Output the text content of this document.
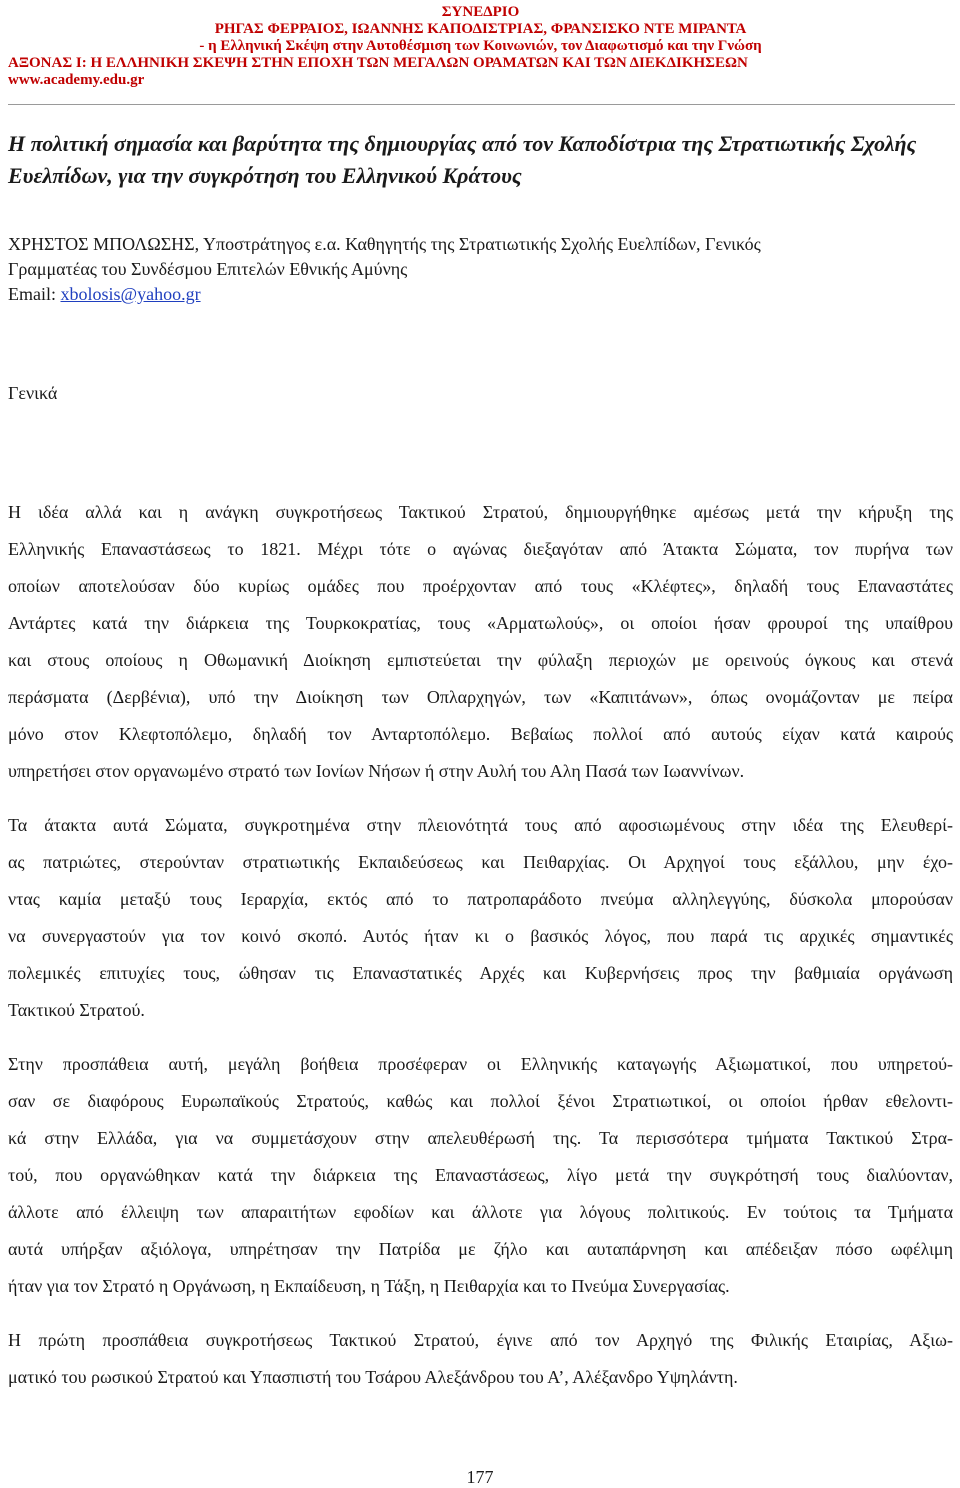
ΣΥΝΕΔΡΙΟ
ΡΗΓΑΣ ΦΕΡΡΑΙΟΣ, ΙΩΑΝΝΗΣ ΚΑΠΟΔΙΣΤΡΙΑΣ, ΦΡΑΝΣΙΣΚΟ ΝΤΕ ΜΙΡΑΝΤΑ
- η Ελληνική Σκέψη στην Αυτοθέσμιση των Κοινωνιών, τον Διαφωτισμό και την Γνώση
ΑΞΟΝΑΣ Ι: Η ΕΛΛΗΝΙΚΗ ΣΚΕΨΗ ΣΤΗΝ ΕΠΟΧΗ ΤΩΝ ΜΕΓΑΛΩΝ ΟΡΑΜΑΤΩΝ ΚΑΙ ΤΩΝ ΔΙΕΚΔΙΚΗΣΕΩΝ
www.academy.edu.gr
Η πολιτική σημασία και βαρύτητα της δημιουργίας από τον Καποδίστρια της Στρατιωτικής Σχολής Ευελπίδων, για την συγκρότηση του Ελληνικού Κράτους
ΧΡΗΣΤΟΣ ΜΠΟΛΩΣΗΣ, Υποστράτηγος ε.α. Καθηγητής της Στρατιωτικής Σχολής Ευελπίδων, Γενικός
Γραμματέας του Συνδέσμου Επιτελών Εθνικής Αμύνης
Email: xbolosis@yahoo.gr
Γενικά

Η ιδέα αλλά και η ανάγκη συγκροτήσεως Τακτικού Στρατού, δημιουργήθηκε αμέσως μετά την κήρυξη της
Ελληνικής Επαναστάσεως το 1821. Μέχρι τότε ο αγώνας διεξαγόταν από Άτακτα Σώματα, τον πυρήνα των
οποίων αποτελούσαν δύο κυρίως ομάδες που προέρχονταν από τους «Κλέφτες», δηλαδή τους Επαναστάτες
Αντάρτες κατά την διάρκεια της Τουρκοκρατίας, τους «Αρματωλούς», οι οποίοι ήσαν φρουροί της υπαίθρου
και στους οποίους η Οθωμανική Διοίκηση εμπιστεύεται την φύλαξη περιοχών με ορεινούς όγκους και στενά
περάσματα (Δερβένια), υπό την Διοίκηση των Οπλαρχηγών, των «Καπιτάνων», όπως ονομάζονταν με πείρα
μόνο στον Κλεφτοπόλεμο, δηλαδή τον Ανταρτοπόλεμο. Βεβαίως πολλοί από αυτούς είχαν κατά καιρούς
υπηρετήσει στον οργανωμένο στρατό των Ιονίων Νήσων ή στην Αυλή του Αλη Πασά των Ιωαννίνων.

Τα άτακτα αυτά Σώματα, συγκροτημένα στην πλειονότητά τους από αφοσιωμένους στην ιδέα της Ελευθερί-
ας πατριώτες, στερούνταν στρατιωτικής Εκπαιδεύσεως και Πειθαρχίας. Οι Αρχηγοί τους εξάλλου, μην έχο-
ντας καμία μεταξύ τους Ιεραρχία, εκτός από το πατροπαράδοτο πνεύμα αλληλεγγύης, δύσκολα μπορούσαν
να συνεργαστούν για τον κοινό σκοπό. Αυτός ήταν κι ο βασικός λόγος, που παρά τις αρχικές σημαντικές
πολεμικές επιτυχίες τους, ώθησαν τις Επαναστατικές Αρχές και Κυβερνήσεις προς την βαθμιαία οργάνωση
Τακτικού Στρατού.

Στην προσπάθεια αυτή, μεγάλη βοήθεια προσέφεραν οι Ελληνικής καταγωγής Αξιωματικοί, που υπηρετού-
σαν σε διαφόρους Ευρωπαϊκούς Στρατούς, καθώς και πολλοί ξένοι Στρατιωτικοί, οι οποίοι ήρθαν εθελοντι-
κά στην Ελλάδα, για να συμμετάσχουν στην απελευθέρωσή της. Τα περισσότερα τμήματα Τακτικού Στρα-
τού, που οργανώθηκαν κατά την διάρκεια της Επαναστάσεως, λίγο μετά την συγκρότησή τους διαλύονταν,
άλλοτε από έλλειψη των απαραιτήτων εφοδίων και άλλοτε για λόγους πολιτικούς. Εν τούτοις τα Τμήματα
αυτά υπήρξαν αξιόλογα, υπηρέτησαν την Πατρίδα με ζήλο και αυταπάρνηση και απέδειξαν πόσο ωφέλιμη
ήταν για τον Στρατό η Οργάνωση, η Εκπαίδευση, η Τάξη, η Πειθαρχία και το Πνεύμα Συνεργασίας.

Η πρώτη προσπάθεια συγκροτήσεως Τακτικού Στρατού, έγινε από τον Αρχηγό της Φιλικής Εταιρίας, Αξιω-
ματικό του ρωσικού Στρατού και Υπασπιστή του Τσάρου Αλεξάνδρου του Α’, Αλέξανδρο Υψηλάντη.

177
